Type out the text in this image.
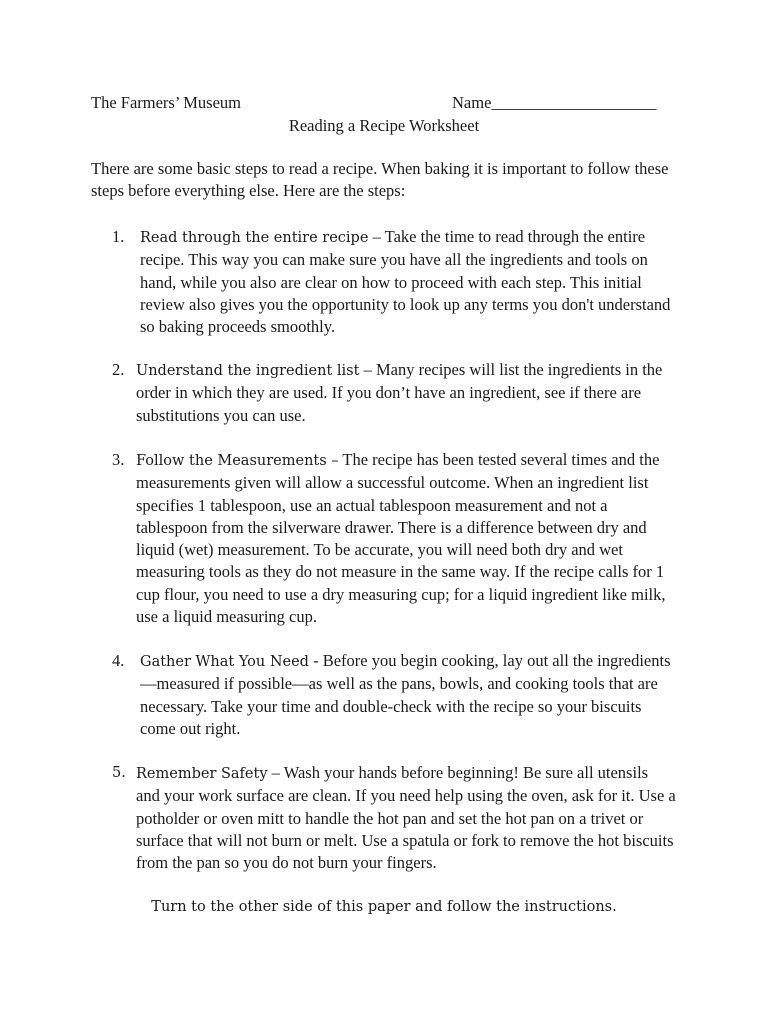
The Farmers’ Museum	Name____________________
Reading a Recipe Worksheet
There are some basic steps to read a recipe. When baking it is important to follow these steps before everything else. Here are the steps:
1. Read through the entire recipe – Take the time to read through the entire recipe. This way you can make sure you have all the ingredients and tools on hand, while you also are clear on how to proceed with each step. This initial review also gives you the opportunity to look up any terms you don't understand so baking proceeds smoothly.
2. Understand the ingredient list – Many recipes will list the ingredients in the order in which they are used. If you don’t have an ingredient, see if there are substitutions you can use.
3. Follow the Measurements – The recipe has been tested several times and the measurements given will allow a successful outcome. When an ingredient list specifies 1 tablespoon, use an actual tablespoon measurement and not a tablespoon from the silverware drawer. There is a difference between dry and liquid (wet) measurement. To be accurate, you will need both dry and wet measuring tools as they do not measure in the same way. If the recipe calls for 1 cup flour, you need to use a dry measuring cup; for a liquid ingredient like milk, use a liquid measuring cup.
4. Gather What You Need - Before you begin cooking, lay out all the ingredients—measured if possible—as well as the pans, bowls, and cooking tools that are necessary. Take your time and double-check with the recipe so your biscuits come out right.
5. Remember Safety – Wash your hands before beginning! Be sure all utensils and your work surface are clean. If you need help using the oven, ask for it. Use a potholder or oven mitt to handle the hot pan and set the hot pan on a trivet or surface that will not burn or melt. Use a spatula or fork to remove the hot biscuits from the pan so you do not burn your fingers.
Turn to the other side of this paper and follow the instructions.
